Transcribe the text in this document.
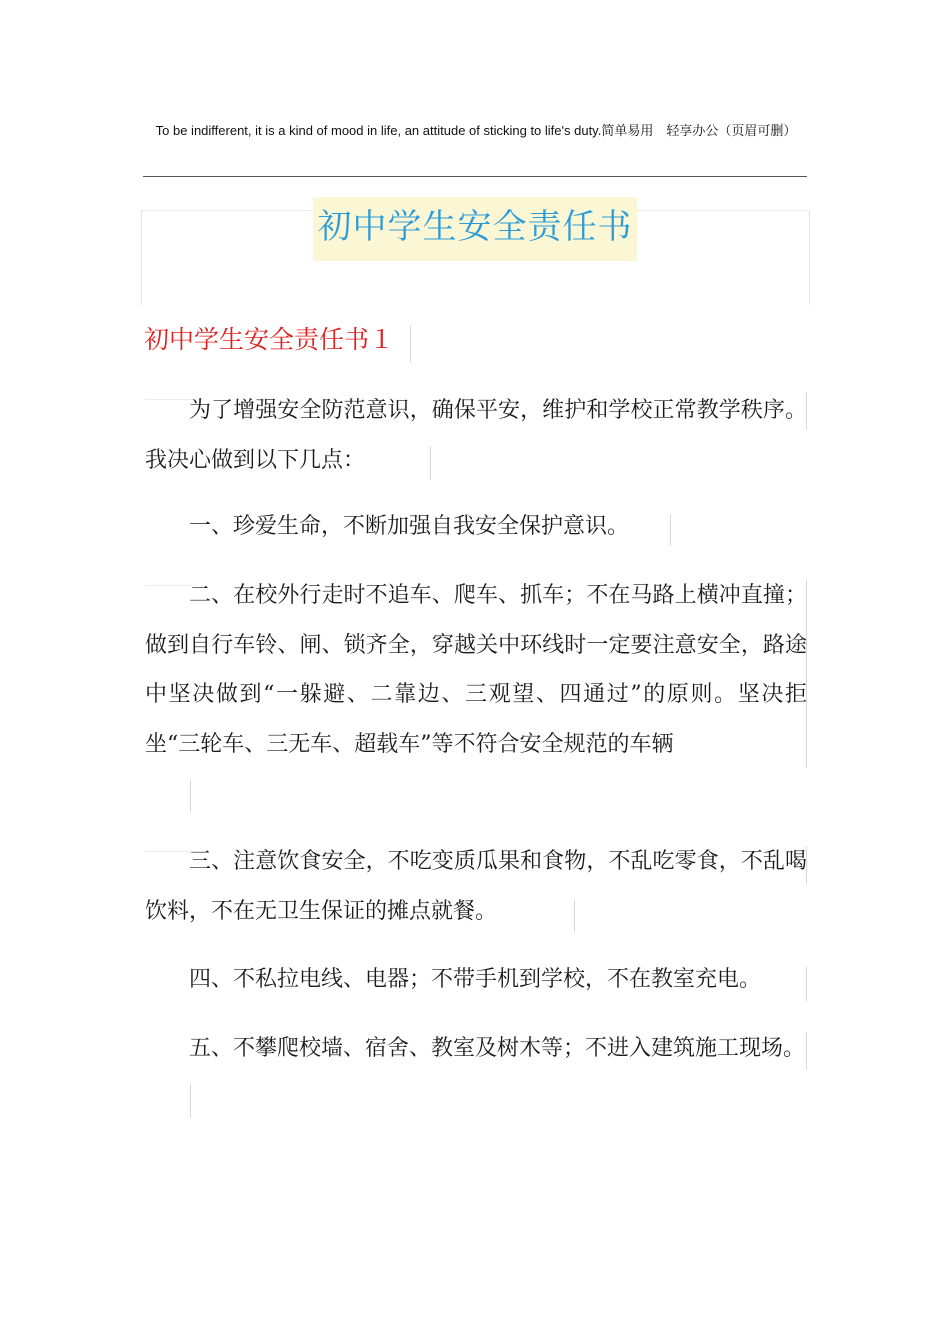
To be indifferent, it is a kind of mood in life, an attitude of sticking to life's duty.简单易用　轻享办公（页眉可删）
初中学生安全责任书
初中学生安全责任书１
为了增强安全防范意识，确保平安，维护和学校正常教学秩序。我决心做到以下几点：
一、珍爱生命，不断加强自我安全保护意识。
二、在校外行走时不追车、爬车、抓车；不在马路上横冲直撞；做到自行车铃、闸、锁齐全，穿越关中环线时一定要注意安全，路途中坚决做到“一躲避、二靠边、三观望、四通过”的原则。坚决拒坐“三轮车、三无车、超载车”等不符合安全规范的车辆
三、注意饮食安全，不吃变质瓜果和食物，不乱吃零食，不乱喝饮料，不在无卫生保证的摊点就餐。
四、不私拉电线、电器；不带手机到学校，不在教室充电。
五、不攀爬校墙、宿舍、教室及树木等；不进入建筑施工现场。
